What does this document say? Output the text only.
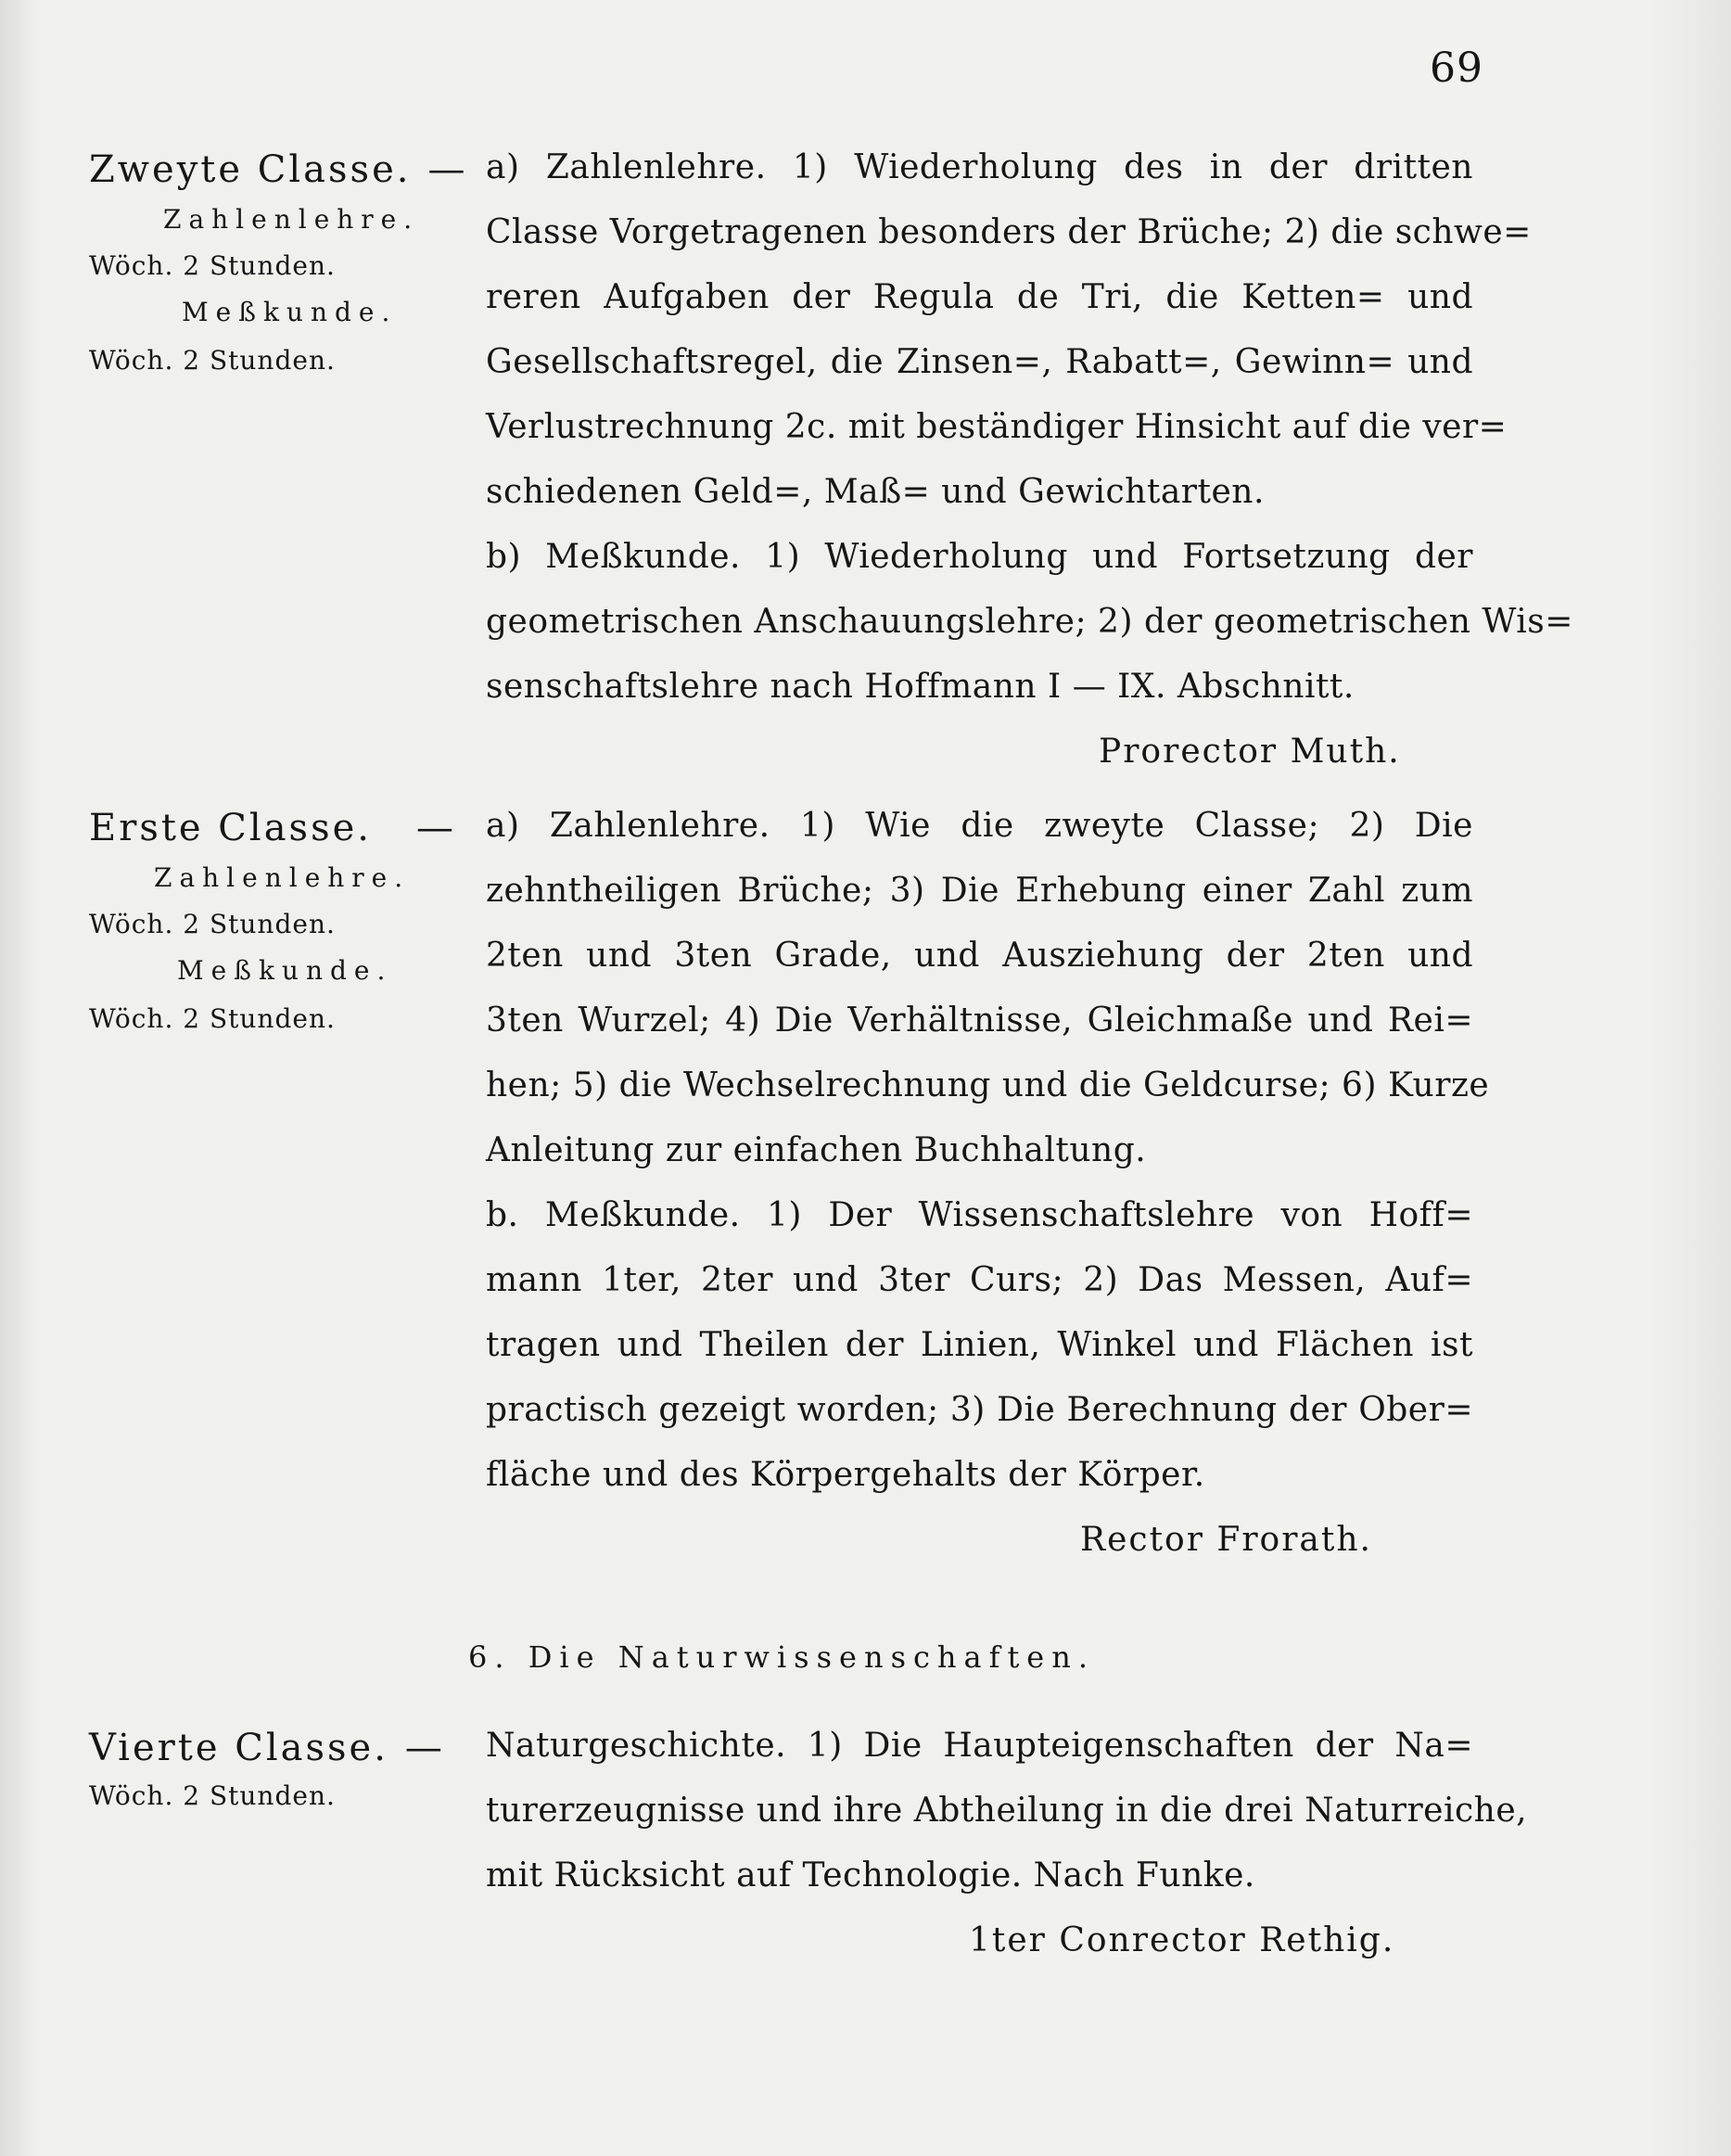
69
Zweyte Classe. —
Zahlenlehre.
Wöch. 2 Stunden.
Meßkunde.
Wöch. 2 Stunden.
a) Zahlenlehre. 1) Wiederholung des in der dritten
Classe Vorgetragenen besonders der Brüche; 2) die schwe=
reren Aufgaben der Regula de Tri, die Ketten= und
Gesellschaftsregel, die Zinsen=, Rabatt=, Gewinn= und
Verlustrechnung 2c. mit beständiger Hinsicht auf die ver=
schiedenen Geld=, Maß= und Gewichtarten.
b) Meßkunde. 1) Wiederholung und Fortsetzung der
geometrischen Anschauungslehre; 2) der geometrischen Wis=
senschaftslehre nach Hoffmann I — IX. Abschnitt.
Prorector Muth.
Erste Classe. —
Zahlenlehre.
Wöch. 2 Stunden.
Meßkunde.
Wöch. 2 Stunden.
a) Zahlenlehre. 1) Wie die zweyte Classe; 2) Die
zehntheiligen Brüche; 3) Die Erhebung einer Zahl zum
2ten und 3ten Grade, und Ausziehung der 2ten und
3ten Wurzel; 4) Die Verhältnisse, Gleichmaße und Rei=
hen; 5) die Wechselrechnung und die Geldcurse; 6) Kurze
Anleitung zur einfachen Buchhaltung.
b. Meßkunde. 1) Der Wissenschaftslehre von Hoff=
mann 1ter, 2ter und 3ter Curs; 2) Das Messen, Auf=
tragen und Theilen der Linien, Winkel und Flächen ist
practisch gezeigt worden; 3) Die Berechnung der Ober=
fläche und des Körpergehalts der Körper.
Rector Frorath.
6. Die Naturwissenschaften.
Vierte Classe. —
Wöch. 2 Stunden.
Naturgeschichte. 1) Die Haupteigenschaften der Na=
turerzeugnisse und ihre Abtheilung in die drei Naturreiche,
mit Rücksicht auf Technologie. Nach Funke.
1ter Conrector Rethig.
